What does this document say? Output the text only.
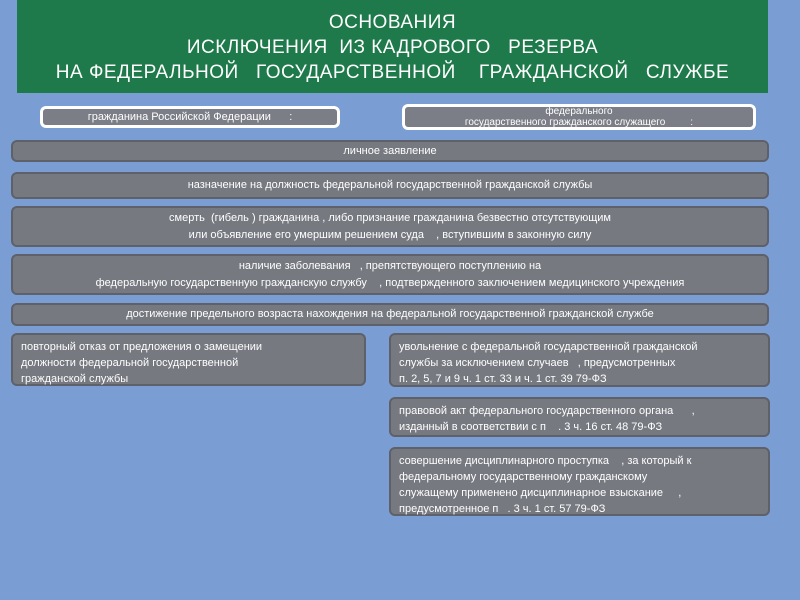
ОСНОВАНИЯ
ИСКЛЮЧЕНИЯ  ИЗ КАДРОВОГО   РЕЗЕРВА
НА ФЕДЕРАЛЬНОЙ   ГОСУДАРСТВЕННОЙ    ГРАЖДАНСКОЙ   СЛУЖБЕ
гражданина Российской Федерации      :	федерального
государственного гражданского служащего         :
личное заявление
назначение на должность федеральной государственной гражданской службы
смерть  (гибель ) гражданина , либо признание гражданина безвестно отсутствующим
или объявление его умершим решением суда    , вступившим в законную силу
наличие заболевания   , препятствующего поступлению на
федеральную государственную гражданскую службу    , подтвержденного заключением медицинского учреждения
достижение предельного возраста нахождения на федеральной государственной гражданской службе
повторный отказ от предложения о замещении
должности федеральной государственной
гражданской службы
увольнение с федеральной государственной гражданской
службы за исключением случаев   , предусмотренных
п. 2, 5, 7 и 9 ч. 1 ст. 33 и ч. 1 ст. 39 79-ФЗ
правовой акт федерального государственного органа      ,
изданный в соответствии с п    . 3 ч. 16 ст. 48 79-ФЗ
совершение дисциплинарного проступка    , за который к
федеральному государственному гражданскому
служащему применено дисциплинарное взыскание     ,
предусмотренное п   . 3 ч. 1 ст. 57 79-ФЗ
